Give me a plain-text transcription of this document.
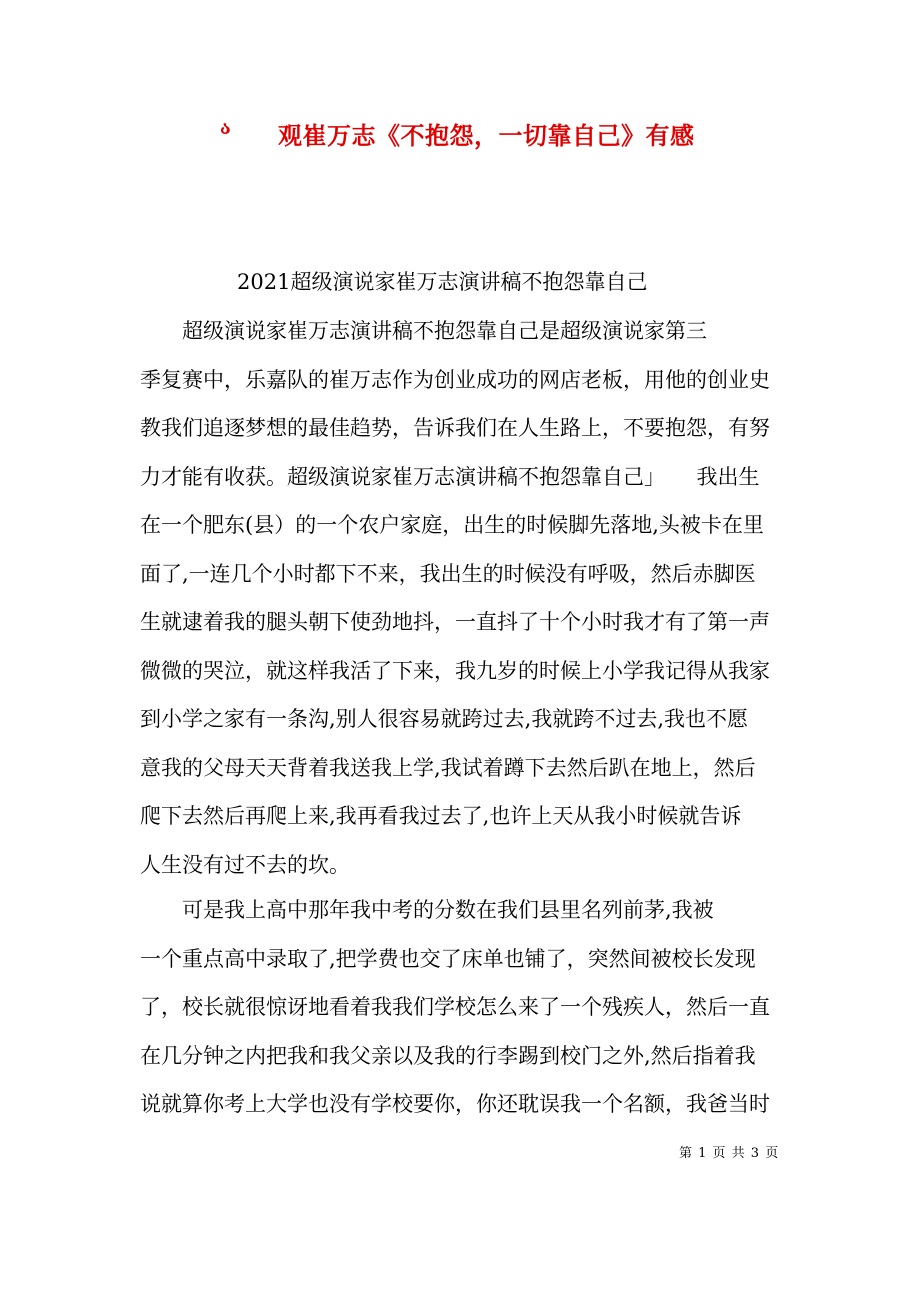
ა 观崔万志《不抱怨，一切靠自己》有感
2021超级演说家崔万志演讲稿不抱怨靠自己
　　超级演说家崔万志演讲稿不抱怨靠自己是超级演说家第三
季复赛中，乐嘉队的崔万志作为创业成功的网店老板，用他的创业史
教我们追逐梦想的最佳趋势，告诉我们在人生路上，不要抱怨，有努
力才能有收获。超级演说家崔万志演讲稿不抱怨靠自己」　　我出生
在一个肥东(县）的一个农户家庭，出生的时候脚先落地,头被卡在里
面了,一连几个小时都下不来，我出生的时候没有呼吸，然后赤脚医
生就逮着我的腿头朝下使劲地抖，一直抖了十个小时我才有了第一声
微微的哭泣，就这样我活了下来，我九岁的时候上小学我记得从我家
到小学之家有一条沟,别人很容易就跨过去,我就跨不过去,我也不愿
意我的父母天天背着我送我上学,我试着蹲下去然后趴在地上，然后
爬下去然后再爬上来,我再看我过去了,也许上天从我小时候就告诉
人生没有过不去的坎。
　　可是我上高中那年我中考的分数在我们县里名列前茅,我被
一个重点高中录取了,把学费也交了床单也铺了，突然间被校长发现
了，校长就很惊讶地看着我我们学校怎么来了一个残疾人，然后一直
在几分钟之内把我和我父亲以及我的行李踢到校门之外,然后指着我
说就算你考上大学也没有学校要你，你还耽误我一个名额，我爸当时
第 1 页 共 3 页
